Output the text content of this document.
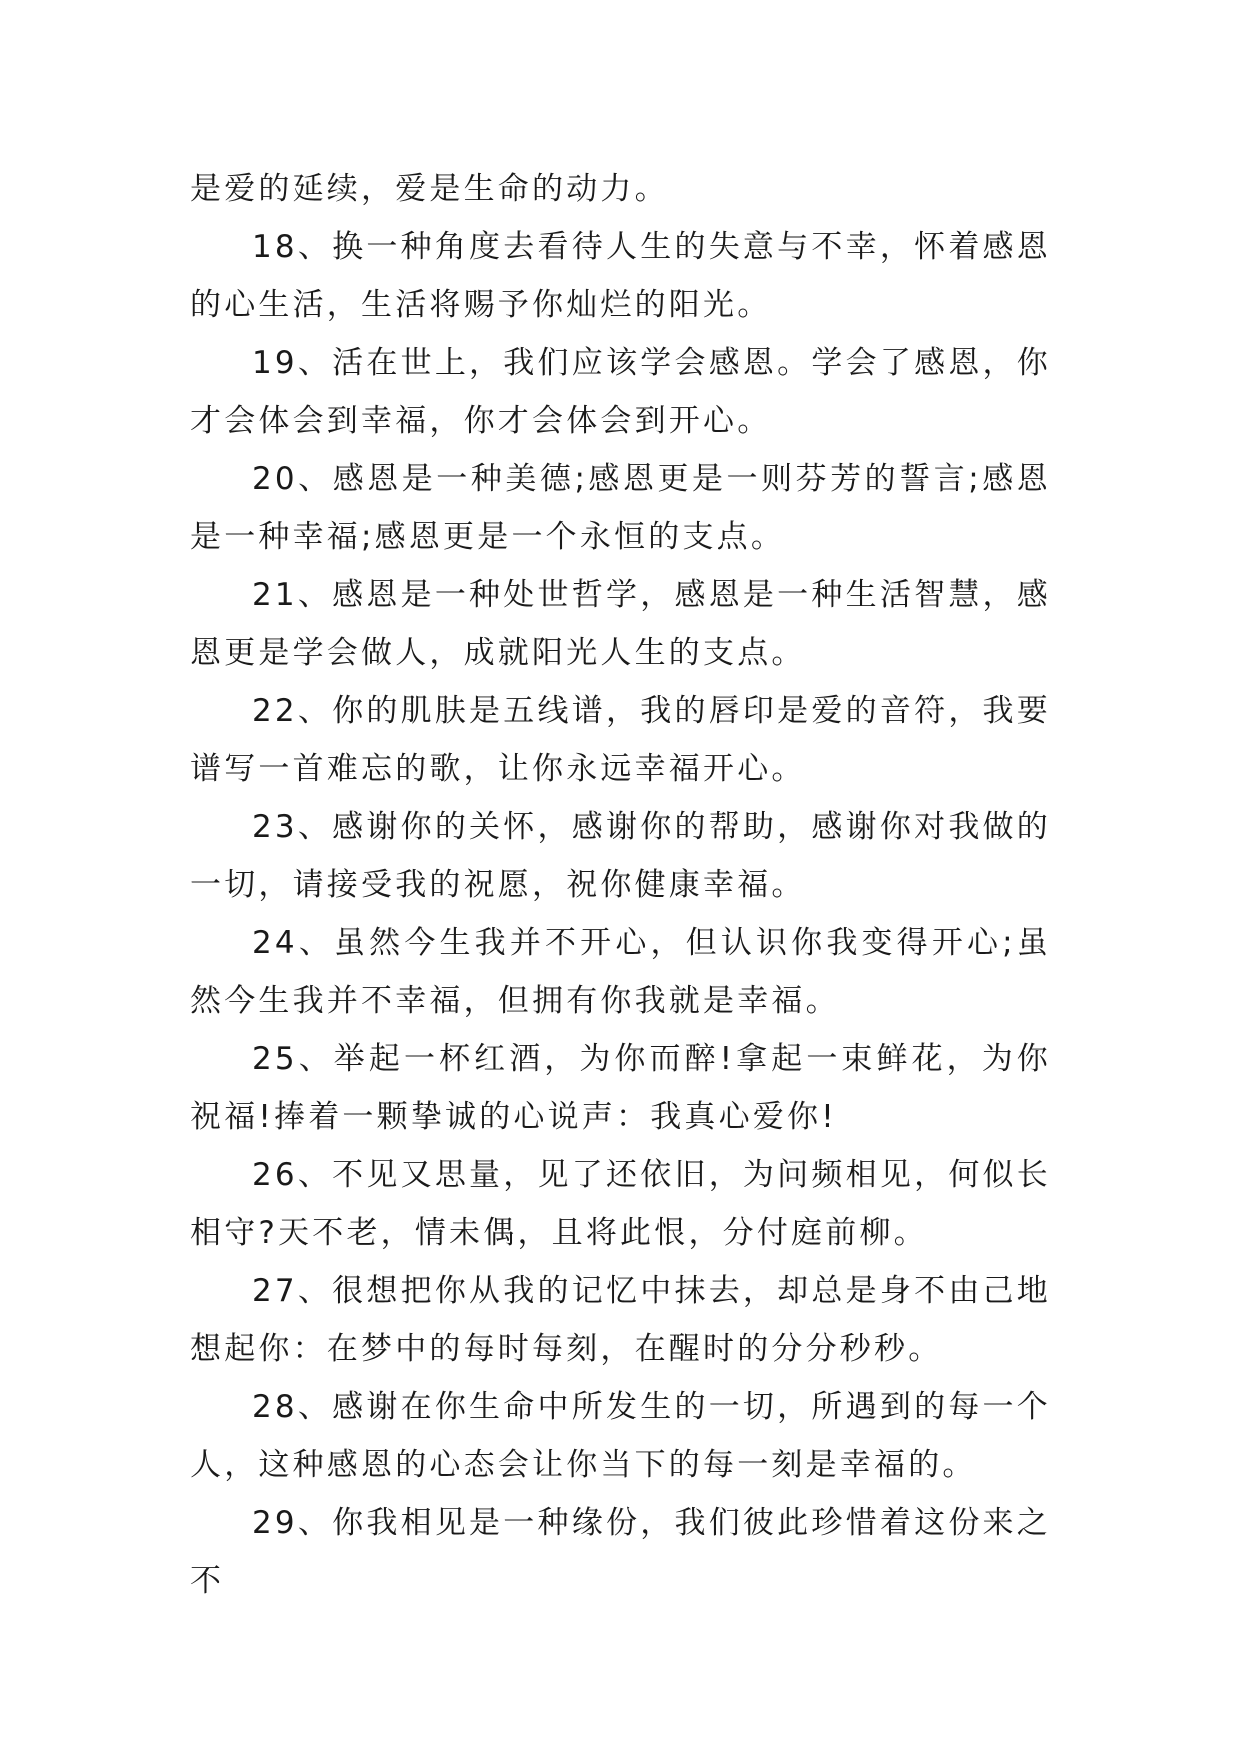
是爱的延续，爱是生命的动力。

18、换一种角度去看待人生的失意与不幸，怀着感恩的心生活，生活将赐予你灿烂的阳光。

19、活在世上，我们应该学会感恩。学会了感恩，你才会体会到幸福，你才会体会到开心。

20、感恩是一种美德;感恩更是一则芬芳的誓言;感恩是一种幸福;感恩更是一个永恒的支点。

21、感恩是一种处世哲学，感恩是一种生活智慧，感恩更是学会做人，成就阳光人生的支点。

22、你的肌肤是五线谱，我的唇印是爱的音符，我要谱写一首难忘的歌，让你永远幸福开心。

23、感谢你的关怀，感谢你的帮助，感谢你对我做的一切，请接受我的祝愿，祝你健康幸福。

24、虽然今生我并不开心，但认识你我变得开心;虽然今生我并不幸福，但拥有你我就是幸福。

25、举起一杯红酒，为你而醉!拿起一束鲜花，为你祝福!捧着一颗挚诚的心说声：我真心爱你!

26、不见又思量，见了还依旧，为问频相见，何似长相守?天不老，情未偶，且将此恨，分付庭前柳。

27、很想把你从我的记忆中抹去，却总是身不由己地想起你：在梦中的每时每刻，在醒时的分分秒秒。

28、感谢在你生命中所发生的一切，所遇到的每一个人，这种感恩的心态会让你当下的每一刻是幸福的。

29、你我相见是一种缘份，我们彼此珍惜着这份来之不
